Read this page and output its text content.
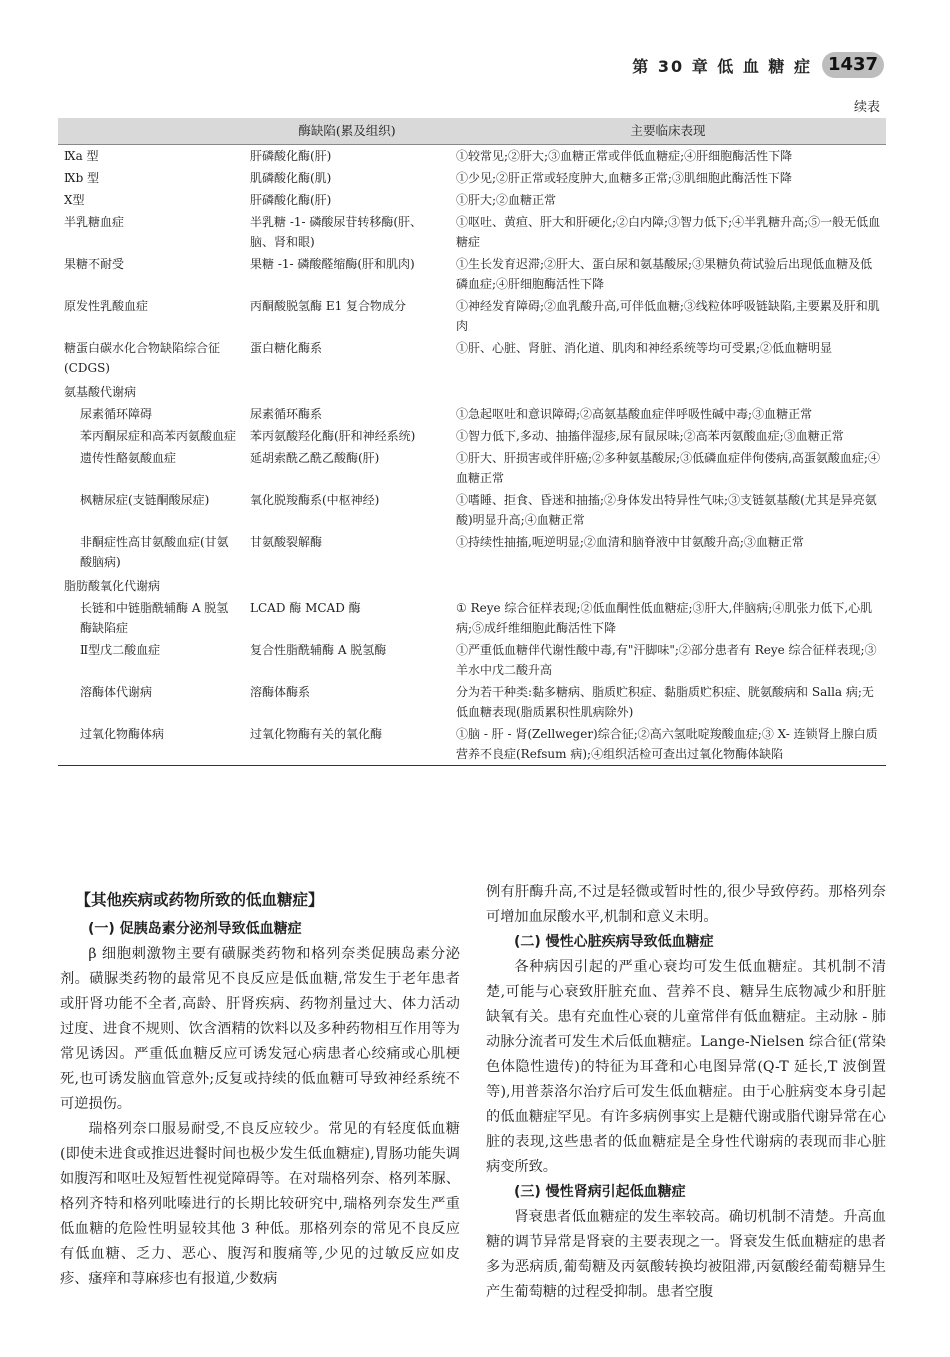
第 30 章 低 血 糖 症 1437
续表
	酶缺陷(累及组织)	主要临床表现
Ⅸa 型	肝磷酸化酶(肝)	①较常见;②肝大;③血糖正常或伴低血糖症;④肝细胞酶活性下降
Ⅸb 型	肌磷酸化酶(肌)	①少见;②肝正常或轻度肿大,血糖多正常;③肌细胞此酶活性下降
Ⅹ型	肝磷酸化酶(肝)	①肝大;②血糖正常
半乳糖血症	半乳糖 -1- 磷酸尿苷转移酶(肝、脑、肾和眼)	①呕吐、黄疸、肝大和肝硬化;②白内障;③智力低下;④半乳糖升高;⑤一般无低血糖症
果糖不耐受	果糖 -1- 磷酸醛缩酶(肝和肌肉)	①生长发育迟滞;②肝大、蛋白尿和氨基酸尿;③果糖负荷试验后出现低血糖及低磷血症;④肝细胞酶活性下降
原发性乳酸血症	丙酮酸脱氢酶 E1 复合物成分	①神经发育障碍;②血乳酸升高,可伴低血糖;③线粒体呼吸链缺陷,主要累及肝和肌肉
糖蛋白碳水化合物缺陷综合征(CDGS)	蛋白糖化酶系	①肝、心脏、肾脏、消化道、肌肉和神经系统等均可受累;②低血糖明显
氨基酸代谢病		
尿素循环障碍	尿素循环酶系	①急起呕吐和意识障碍;②高氨基酸血症伴呼吸性碱中毒;③血糖正常
苯丙酮尿症和高苯丙氨酸血症	苯丙氨酸羟化酶(肝和神经系统)	①智力低下,多动、抽搐伴湿疹,尿有鼠尿味;②高苯丙氨酸血症;③血糖正常
遗传性酪氨酸血症	延胡索酰乙酰乙酸酶(肝)	①肝大、肝损害或伴肝癌;②多种氨基酸尿;③低磷血症伴佝偻病,高蛋氨酸血症;④血糖正常
枫糖尿症(支链酮酸尿症)	氧化脱羧酶系(中枢神经)	①嗜睡、拒食、昏迷和抽搐;②身体发出特异性气味;③支链氨基酸(尤其是异亮氨酸)明显升高;④血糖正常
非酮症性高甘氨酸血症(甘氨酸脑病)	甘氨酸裂解酶	①持续性抽搐,呃逆明显;②血清和脑脊液中甘氨酸升高;③血糖正常
脂肪酸氧化代谢病		
长链和中链脂酰辅酶 A 脱氢酶缺陷症	LCAD 酶 MCAD 酶	① Reye 综合征样表现;②低血酮性低血糖症;③肝大,伴脑病;④肌张力低下,心肌病;⑤成纤维细胞此酶活性下降
Ⅱ型戊二酸血症	复合性脂酰辅酶 A 脱氢酶	①严重低血糖伴代谢性酸中毒,有"汗脚味";②部分患者有 Reye 综合征样表现;③羊水中戊二酸升高
溶酶体代谢病	溶酶体酶系	分为若干种类:黏多糖病、脂质贮积症、黏脂质贮积症、胱氨酸病和 Salla 病;无低血糖表现(脂质累积性肌病除外)
过氧化物酶体病	过氧化物酶有关的氧化酶	①脑 - 肝 - 肾(Zellweger)综合征;②高六氢吡啶羧酸血症;③ X- 连锁肾上腺白质营养不良症(Refsum 病);④组织活检可查出过氧化物酶体缺陷
【其他疾病或药物所致的低血糖症】
(一) 促胰岛素分泌剂导致低血糖症

β 细胞刺激物主要有磺脲类药物和格列奈类促胰岛素分泌剂。磺脲类药物的最常见不良反应是低血糖,常发生于老年患者或肝肾功能不全者,高龄、肝肾疾病、药物剂量过大、体力活动过度、进食不规则、饮含酒精的饮料以及多种药物相互作用等为常见诱因。严重低血糖反应可诱发冠心病患者心绞痛或心肌梗死,也可诱发脑血管意外;反复或持续的低血糖可导致神经系统不可逆损伤。

瑞格列奈口服易耐受,不良反应较少。常见的有轻度低血糖(即使未进食或推迟进餐时间也极少发生低血糖症),胃肠功能失调如腹泻和呕吐及短暂性视觉障碍等。在对瑞格列奈、格列苯脲、格列齐特和格列吡嗪进行的长期比较研究中,瑞格列奈发生严重低血糖的危险性明显较其他 3 种低。那格列奈的常见不良反应有低血糖、乏力、恶心、腹泻和腹痛等,少见的过敏反应如皮疹、瘙痒和荨麻疹也有报道,少数病

例有肝酶升高,不过是轻微或暂时性的,很少导致停药。那格列奈可增加血尿酸水平,机制和意义未明。

(二) 慢性心脏疾病导致低血糖症

各种病因引起的严重心衰均可发生低血糖症。其机制不清楚,可能与心衰致肝脏充血、营养不良、糖异生底物减少和肝脏缺氧有关。患有充血性心衰的儿童常伴有低血糖症。主动脉 - 肺动脉分流者可发生术后低血糖症。Lange-Nielsen 综合征(常染色体隐性遗传)的特征为耳聋和心电图异常(Q-T 延长,T 波倒置等),用普萘洛尔治疗后可发生低血糖症。由于心脏病变本身引起的低血糖症罕见。有许多病例事实上是糖代谢或脂代谢异常在心脏的表现,这些患者的低血糖症是全身性代谢病的表现而非心脏病变所致。

(三) 慢性肾病引起低血糖症

肾衰患者低血糖症的发生率较高。确切机制不清楚。升高血糖的调节异常是肾衰的主要表现之一。肾衰发生低血糖症的患者多为恶病质,葡萄糖及丙氨酸转换均被阻滞,丙氨酸经葡萄糖异生产生葡萄糖的过程受抑制。患者空腹
